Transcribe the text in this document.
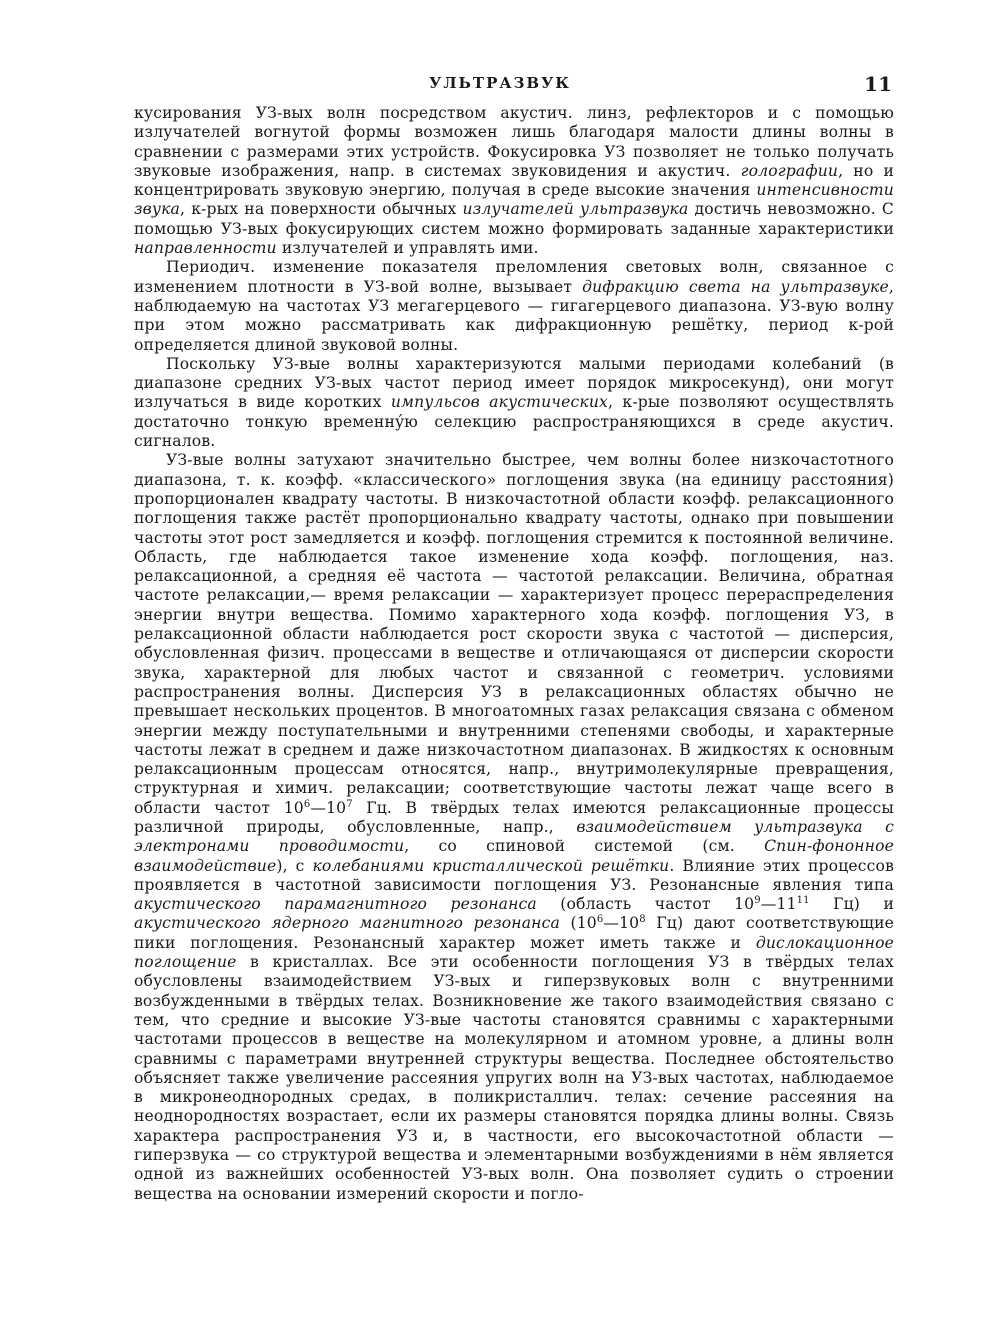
УЛЬТРАЗВУК	11

кусирования УЗ-вых волн посредством акустич. линз, рефлекторов и с помощью излучателей вогнутой формы возможен лишь благодаря малости длины волны в сравнении с размерами этих устройств. Фокусировка УЗ позволяет не только получать звуковые изображения, напр. в системах звуковидения и акустич. голографии, но и концентрировать звуковую энергию, получая в среде высокие значения интенсивности звука, к-рых на поверхности обычных излучателей ультразвука достичь невозможно. С помощью УЗ-вых фокусирующих систем можно формировать заданные характеристики направленности излучателей и управлять ими.

Периодич. изменение показателя преломления световых волн, связанное с изменением плотности в УЗ-вой волне, вызывает дифракцию света на ультразвуке, наблюдаемую на частотах УЗ мегагерцевого — гигагерцевого диапазона. УЗ-вую волну при этом можно рассматривать как дифракционную решётку, период к-рой определяется длиной звуковой волны.

Поскольку УЗ-вые волны характеризуются малыми периодами колебаний (в диапазоне средних УЗ-вых частот период имеет порядок микросекунд), они могут излучаться в виде коротких импульсов акустических, к-рые позволяют осуществлять достаточно тонкую временну́ю селекцию распространяющихся в среде акустич. сигналов.

УЗ-вые волны затухают значительно быстрее, чем волны более низкочастотного диапазона, т. к. коэфф. «классического» поглощения звука (на единицу расстояния) пропорционален квадрату частоты. В низкочастотной области коэфф. релаксационного поглощения также растёт пропорционально квадрату частоты, однако при повышении частоты этот рост замедляется и коэфф. поглощения стремится к постоянной величине. Область, где наблюдается такое изменение хода коэфф. поглощения, наз. релаксационной, а средняя её частота — частотой релаксации. Величина, обратная частоте релаксации,— время релаксации — характеризует процесс перераспределения энергии внутри вещества. Помимо характерного хода коэфф. поглощения УЗ, в релаксационной области наблюдается рост скорости звука с частотой — дисперсия, обусловленная физич. процессами в веществе и отличающаяся от дисперсии скорости звука, характерной для любых частот и связанной с геометрич. условиями распространения волны. Дисперсия УЗ в релаксационных областях обычно не превышает нескольких процентов. В многоатомных газах релаксация связана с обменом энергии между поступательными и внутренними степенями свободы, и характерные частоты лежат в среднем и даже низкочастотном диапазонах. В жидкостях к основным релаксационным процессам относятся, напр., внутримолекулярные превращения, структурная и химич. релаксации; соответствующие частоты лежат чаще всего в области частот $10^6—10^7$ Гц. В твёрдых телах имеются релаксационные процессы различной природы, обусловленные, напр., взаимодействием ультразвука с электронами проводимости, со спиновой системой (см. Спин-фононное взаимодействие), с колебаниями кристаллической решётки. Влияние этих процессов проявляется в частотной зависимости поглощения УЗ. Резонансные явления типа акустического парамагнитного резонанса (область частот $10^9—11^{11}$ Гц) и акустического ядерного магнитного резонанса ($10^6—10^8$ Гц) дают соответствующие пики поглощения. Резонансный характер может иметь также и дислокационное поглощение в кристаллах. Все эти особенности поглощения УЗ в твёрдых телах обусловлены взаимодействием УЗ-вых и гиперзвуковых волн с внутренними возбужденными в твёрдых телах. Возникновение же такого взаимодействия связано с тем, что средние и высокие УЗ-вые частоты становятся сравнимы с характерными частотами процессов в веществе на молекулярном и атомном уровне, а длины волн сравнимы с параметрами внутренней структуры вещества. Последнее обстоятельство объясняет также увеличение рассеяния упругих волн на УЗ-вых частотах, наблюдаемое в микронеоднородных средах, в поликристаллич. телах: сечение рассеяния на неоднородностях возрастает, если их размеры становятся порядка длины волны. Связь характера распространения УЗ и, в частности, его высокочастотной области — гиперзвука — со структурой вещества и элементарными возбуждениями в нём является одной из важнейших особенностей УЗ-вых волн. Она позволяет судить о строении вещества на основании измерений скорости и погло-
